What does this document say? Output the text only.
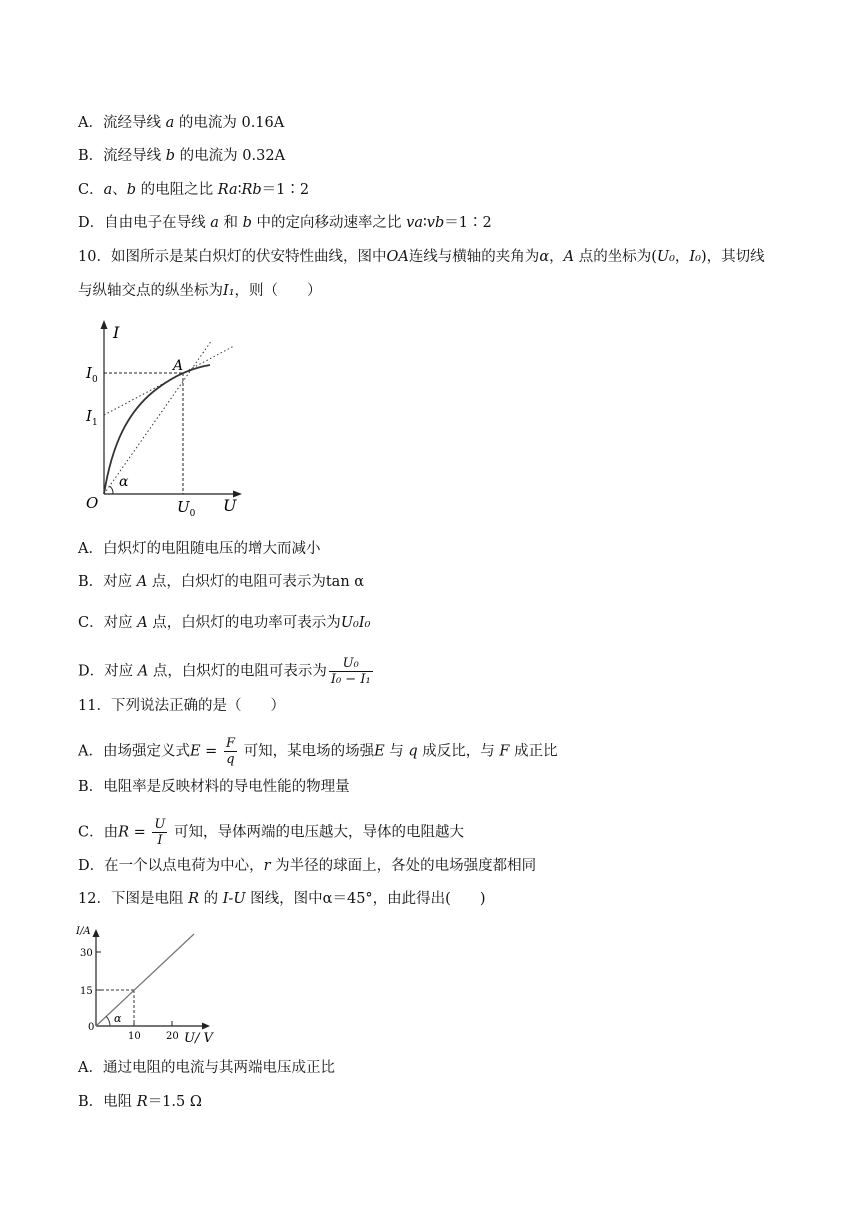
A．流经导线 a 的电流为 0.16A
B．流经导线 b 的电流为 0.32A
C．a、b 的电阻之比 Ra∶Rb＝1∶2
D．自由电子在导线 a 和 b 中的定向移动速率之比 va∶vb＝1∶2
10．如图所示是某白炽灯的伏安特性曲线，图中OA连线与横轴的夹角为α，A 点的坐标为(U₀，I₀)，其切线
与纵轴交点的纵坐标为I₁，则（　　）
I
$I_0$
$I_1$
A
α
O	$U_0$ U
A．白炽灯的电阻随电压的增大而减小
B．对应 A 点，白炽灯的电阻可表示为tan α
C．对应 A 点，白炽灯的电功率可表示为U₀I₀
D．对应 A 点，白炽灯的电阻可表示为 $\frac{\text{U₀}}{\text{I₀ − I₁}}$
11．下列说法正确的是（　　）
A．由场强定义式$E = \frac{F}{q}$ 可知，某电场的场强E 与 q 成反比，与 F 成正比
B．电阻率是反映材料的导电性能的物理量
C．由$R = \frac{U}{I}$ 可知，导体两端的电压越大，导体的电阻越大
D．在一个以点电荷为中心，r 为半径的球面上，各处的电场强度都相同
12．下图是电阻 R 的 I-U 图线，图中α＝45°，由此得出(　　)
I/A
30
15
0
α
10	20 U/ V
A．通过电阻的电流与其两端电压成正比
B．电阻 R＝1.5 Ω
